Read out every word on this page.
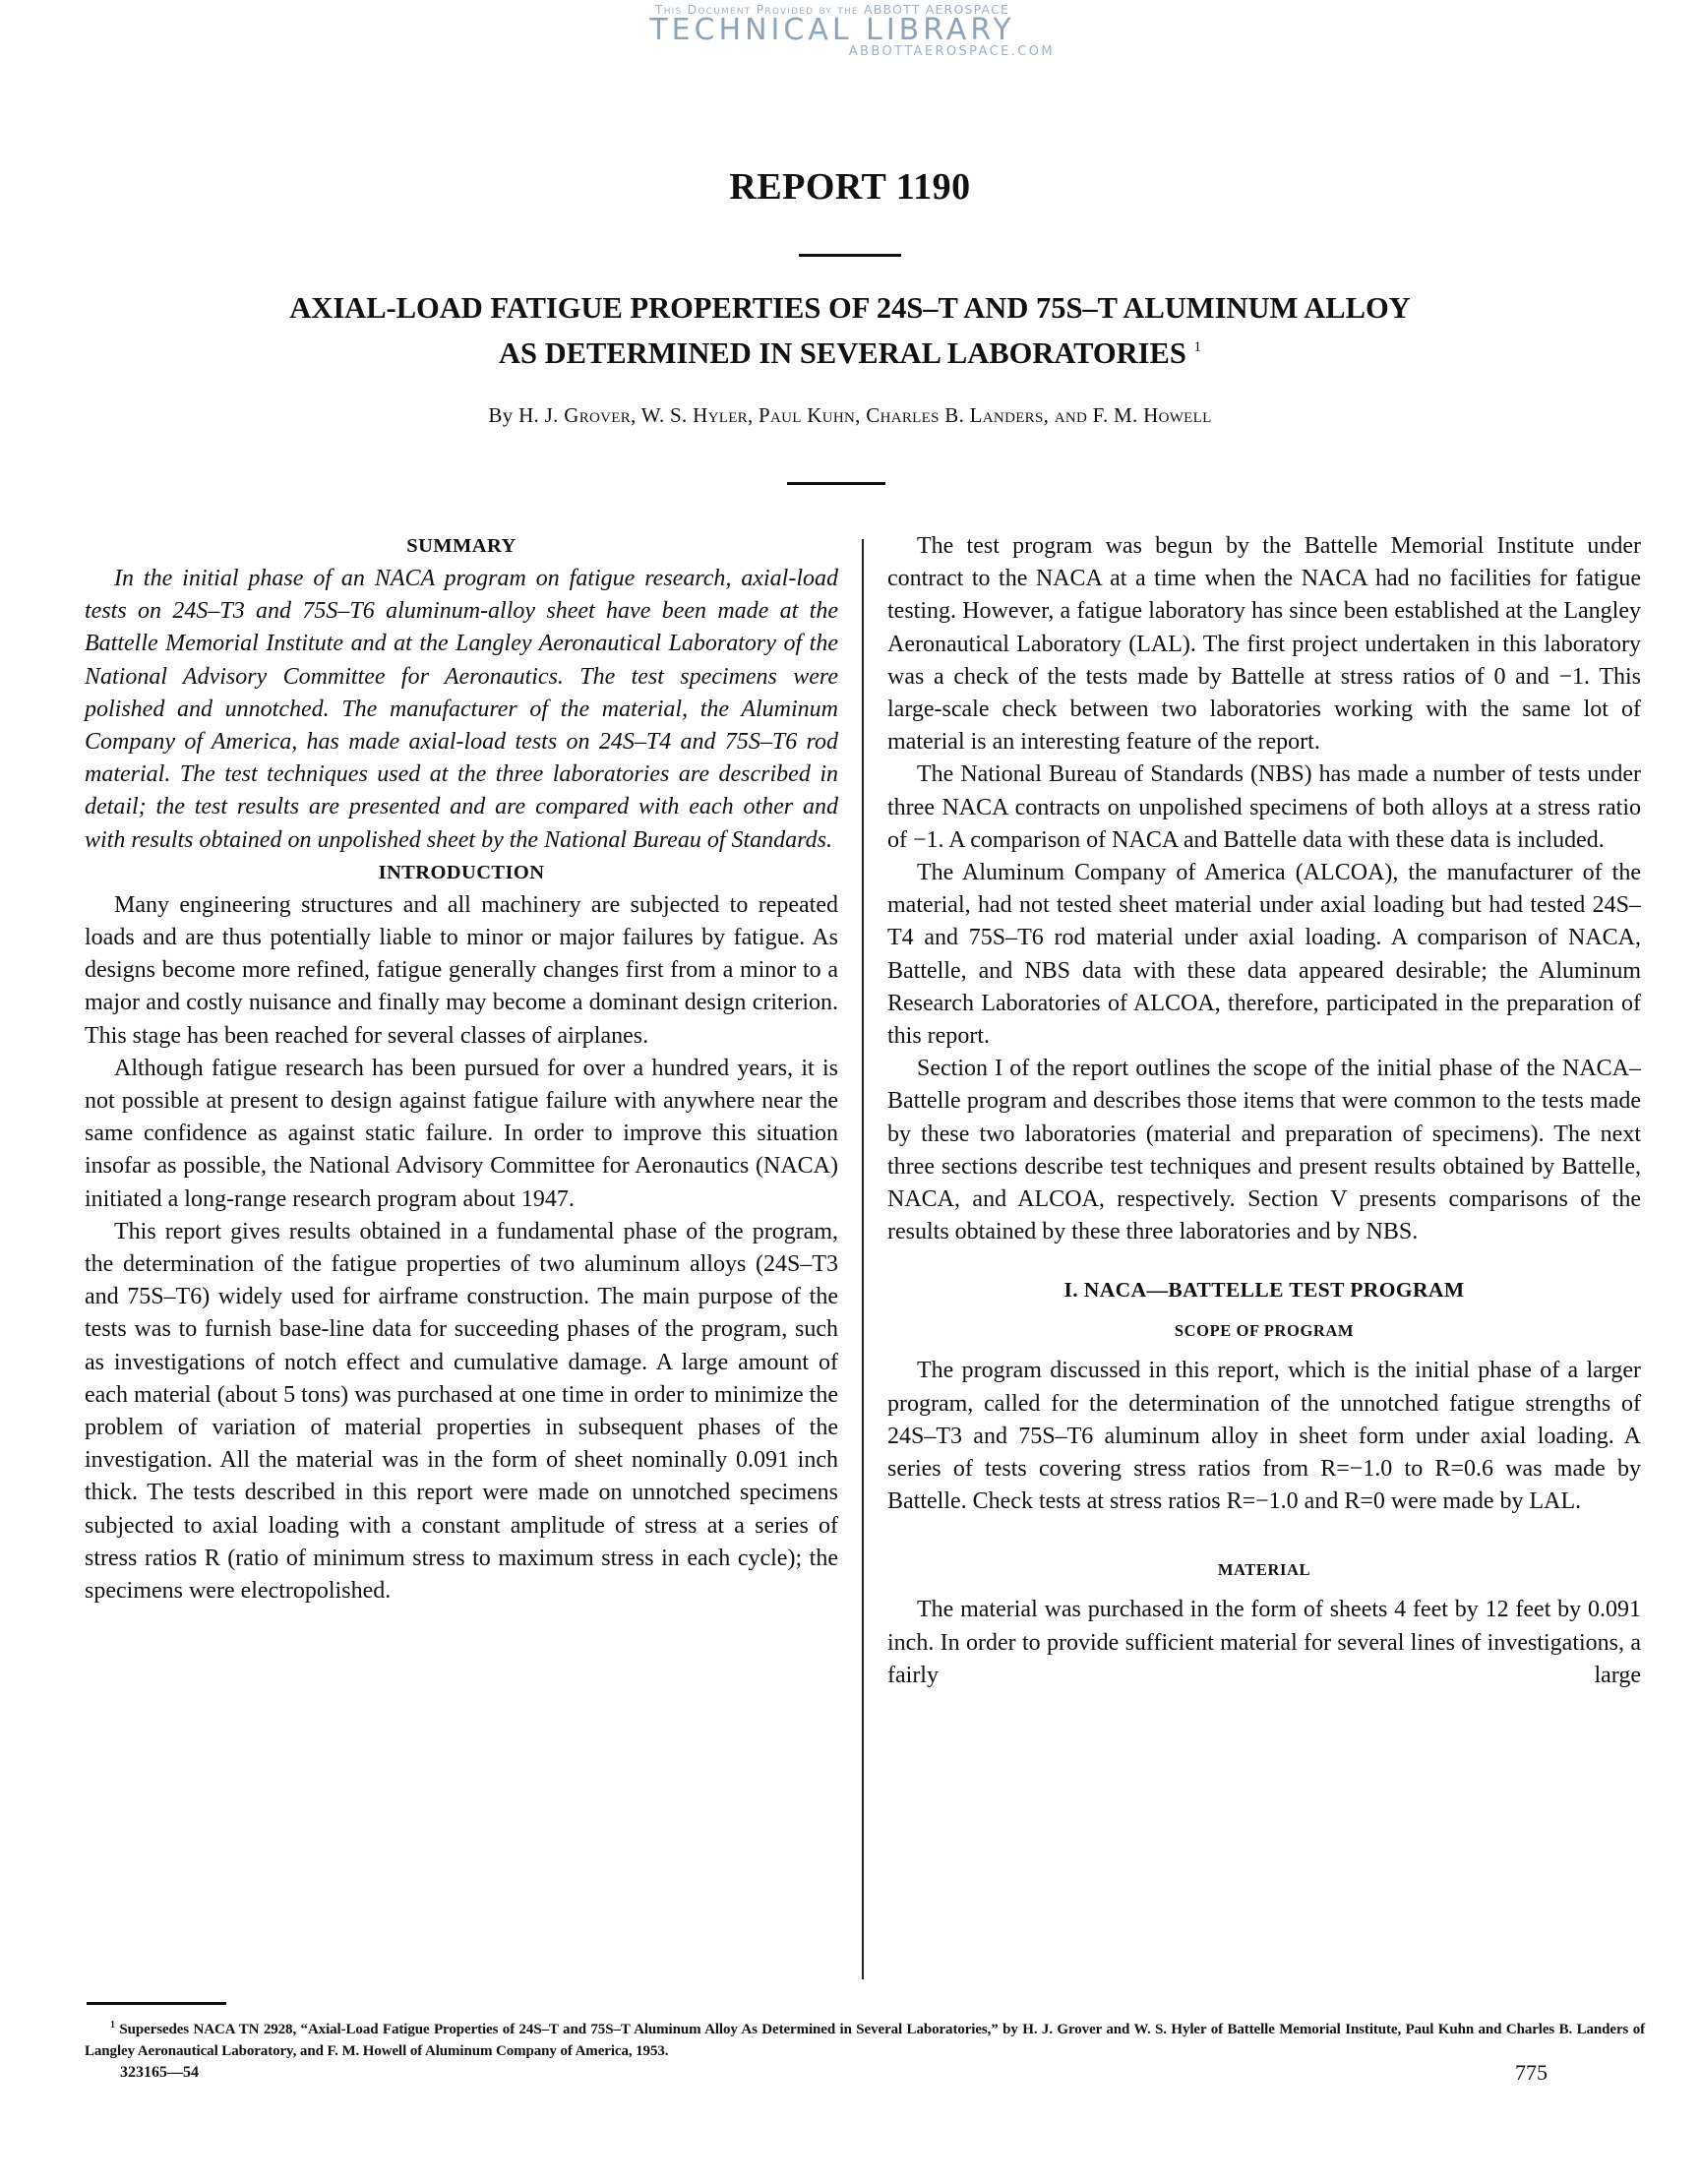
This Document Provided by the ABBOTT AEROSPACE
TECHNICAL LIBRARY
ABBOTTAEROSPACE.COM
REPORT 1190
AXIAL-LOAD FATIGUE PROPERTIES OF 24S–T AND 75S–T ALUMINUM ALLOY
AS DETERMINED IN SEVERAL LABORATORIES $^1$
By H. J. Grover, W. S. Hyler, Paul Kuhn, Charles B. Landers, and F. M. Howell
SUMMARY

In the initial phase of an NACA program on fatigue research, axial-load tests on 24S–T3 and 75S–T6 aluminum-alloy sheet have been made at the Battelle Memorial Institute and at the Langley Aeronautical Laboratory of the National Advisory Committee for Aeronautics. The test specimens were polished and unnotched. The manufacturer of the material, the Aluminum Company of America, has made axial-load tests on 24S–T4 and 75S–T6 rod material. The test techniques used at the three laboratories are described in detail; the test results are presented and are compared with each other and with results obtained on unpolished sheet by the National Bureau of Standards.

INTRODUCTION

Many engineering structures and all machinery are subjected to repeated loads and are thus potentially liable to minor or major failures by fatigue. As designs become more refined, fatigue generally changes first from a minor to a major and costly nuisance and finally may become a dominant design criterion. This stage has been reached for several classes of airplanes.

Although fatigue research has been pursued for over a hundred years, it is not possible at present to design against fatigue failure with anywhere near the same confidence as against static failure. In order to improve this situation insofar as possible, the National Advisory Committee for Aeronautics (NACA) initiated a long-range research program about 1947.

This report gives results obtained in a fundamental phase of the program, the determination of the fatigue properties of two aluminum alloys (24S–T3 and 75S–T6) widely used for airframe construction. The main purpose of the tests was to furnish base-line data for succeeding phases of the program, such as investigations of notch effect and cumulative damage. A large amount of each material (about 5 tons) was purchased at one time in order to minimize the problem of variation of material properties in subsequent phases of the investigation. All the material was in the form of sheet nominally 0.091 inch thick. The tests described in this report were made on unnotched specimens subjected to axial loading with a constant amplitude of stress at a series of stress ratios R (ratio of minimum stress to maximum stress in each cycle); the specimens were electropolished.

The test program was begun by the Battelle Memorial Institute under contract to the NACA at a time when the NACA had no facilities for fatigue testing. However, a fatigue laboratory has since been established at the Langley Aeronautical Laboratory (LAL). The first project undertaken in this laboratory was a check of the tests made by Battelle at stress ratios of 0 and −1. This large-scale check between two laboratories working with the same lot of material is an interesting feature of the report.

The National Bureau of Standards (NBS) has made a number of tests under three NACA contracts on unpolished specimens of both alloys at a stress ratio of −1. A comparison of NACA and Battelle data with these data is included.

The Aluminum Company of America (ALCOA), the manufacturer of the material, had not tested sheet material under axial loading but had tested 24S–T4 and 75S–T6 rod material under axial loading. A comparison of NACA, Battelle, and NBS data with these data appeared desirable; the Aluminum Research Laboratories of ALCOA, therefore, participated in the preparation of this report.

Section I of the report outlines the scope of the initial phase of the NACA–Battelle program and describes those items that were common to the tests made by these two laboratories (material and preparation of specimens). The next three sections describe test techniques and present results obtained by Battelle, NACA, and ALCOA, respectively. Section V presents comparisons of the results obtained by these three laboratories and by NBS.

I. NACA—BATTELLE TEST PROGRAM
SCOPE OF PROGRAM

The program discussed in this report, which is the initial phase of a larger program, called for the determination of the unnotched fatigue strengths of 24S–T3 and 75S–T6 aluminum alloy in sheet form under axial loading. A series of tests covering stress ratios from R=−1.0 to R=0.6 was made by Battelle. Check tests at stress ratios R=−1.0 and R=0 were made by LAL.

MATERIAL

The material was purchased in the form of sheets 4 feet by 12 feet by 0.091 inch. In order to provide sufficient material for several lines of investigations, a fairly large

$^1$ Supersedes NACA TN 2928, “Axial-Load Fatigue Properties of 24S–T and 75S–T Aluminum Alloy As Determined in Several Laboratories,” by H. J. Grover and W. S. Hyler of Battelle Memorial Institute, Paul Kuhn and Charles B. Landers of Langley Aeronautical Laboratory, and F. M. Howell of Aluminum Company of America, 1953.
323165—54	775
